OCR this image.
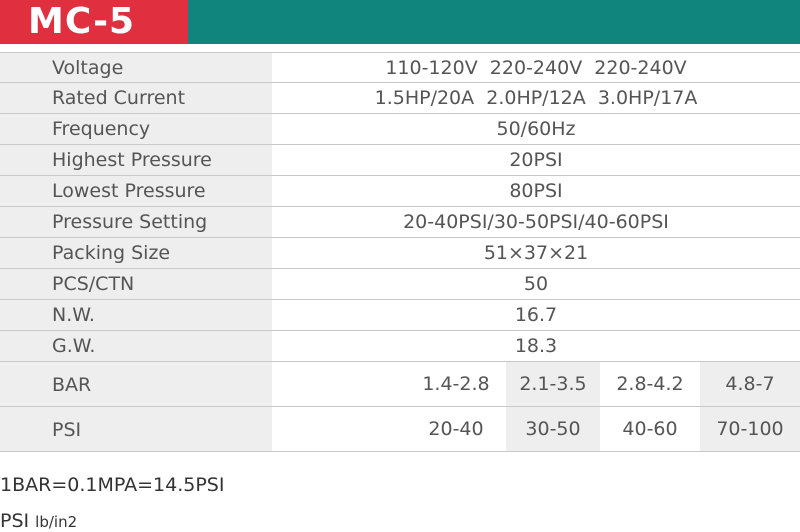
MC-5
Voltage	110-120V  220-240V  220-240V
Rated Current	1.5HP/20A  2.0HP/12A  3.0HP/17A
Frequency	50/60Hz
Highest Pressure	20PSI
Lowest Pressure	80PSI
Pressure Setting	20-40PSI/30-50PSI/40-60PSI
Packing Size	51×37×21
PCS/CTN	50
N.W.	16.7
G.W.	18.3
BAR	1.4-2.8	2.1-3.5	2.8-4.2	4.8-7
PSI	20-40	30-50	40-60	70-100
1BAR=0.1MPA=14.5PSI
PSI lb/in2
